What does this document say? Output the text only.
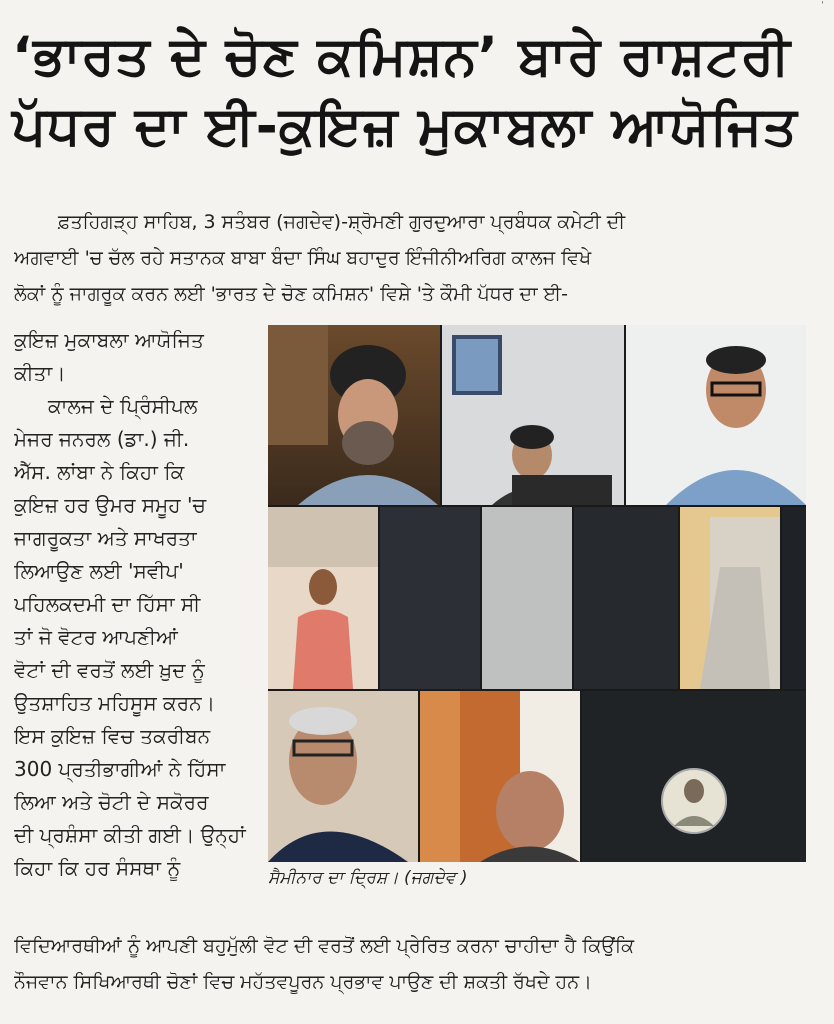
'
‘ਭਾਰਤ ਦੇ ਚੋਣ ਕਮਿਸ਼ਨ’ ਬਾਰੇ ਰਾਸ਼ਟਰੀ
ਪੱਧਰ ਦਾ ਈ-ਕੁਇਜ਼ ਮੁਕਾਬਲਾ ਆਯੋਜਿਤ
ਫ਼ਤਹਿਗੜ੍ਹ ਸਾਹਿਬ, 3 ਸਤੰਬਰ (ਜਗਦੇਵ)-ਸ਼੍ਰੋਮਣੀ ਗੁਰਦੁਆਰਾ ਪ੍ਰਬੰਧਕ ਕਮੇਟੀ ਦੀ
ਅਗਵਾਈ 'ਚ ਚੱਲ ਰਹੇ ਸਤਾਨਕ ਬਾਬਾ ਬੰਦਾ ਸਿੰਘ ਬਹਾਦੁਰ ਇੰਜੀਨੀਅਰਿਗ ਕਾਲਜ ਵਿਖੇ
ਲੋਕਾਂ ਨੂੰ ਜਾਗਰੂਕ ਕਰਨ ਲਈ 'ਭਾਰਤ ਦੇ ਚੋਣ ਕਮਿਸ਼ਨ' ਵਿਸ਼ੇ 'ਤੇ ਕੌਮੀ ਪੱਧਰ ਦਾ ਈ-
ਕੁਇਜ਼ ਮੁਕਾਬਲਾ ਆਯੋਜਿਤ
ਕੀਤਾ।
ਕਾਲਜ ਦੇ ਪ੍ਰਿੰਸੀਪਲ
ਮੇਜਰ ਜਨਰਲ (ਡਾ.) ਜੀ.
ਐੱਸ. ਲਾਂਬਾ ਨੇ ਕਿਹਾ ਕਿ
ਕੁਇਜ਼ ਹਰ ਉਮਰ ਸਮੂਹ 'ਚ
ਜਾਗਰੂਕਤਾ ਅਤੇ ਸਾਖਰਤਾ
ਲਿਆਉਣ ਲਈ 'ਸਵੀਪ'
ਪਹਿਲਕਦਮੀ ਦਾ ਹਿੱਸਾ ਸੀ
ਤਾਂ ਜੋ ਵੋਟਰ ਆਪਣੀਆਂ
ਵੋਟਾਂ ਦੀ ਵਰਤੋਂ ਲਈ ਖ਼ੁਦ ਨੂੰ
ਉਤਸ਼ਾਹਿਤ ਮਹਿਸੂਸ ਕਰਨ।
ਇਸ ਕੁਇਜ਼ ਵਿਚ ਤਕਰੀਬਨ
300 ਪ੍ਰਤੀਭਾਗੀਆਂ ਨੇ ਹਿੱਸਾ
ਲਿਆ ਅਤੇ ਚੋਟੀ ਦੇ ਸਕੋਰਰ
ਦੀ ਪ੍ਰਸ਼ੰਸਾ ਕੀਤੀ ਗਈ। ਉਨ੍ਹਾਂ
ਕਿਹਾ ਕਿ ਹਰ ਸੰਸਥਾ ਨੂੰ	ਸੈਮੀਨਾਰ ਦਾ ਦ੍ਰਿਸ਼। (ਜਗਦੇਵ )
ਵਿਦਿਆਰਥੀਆਂ ਨੂੰ ਆਪਣੀ ਬਹੁਮੁੱਲੀ ਵੋਟ ਦੀ ਵਰਤੋਂ ਲਈ ਪ੍ਰੇਰਿਤ ਕਰਨਾ ਚਾਹੀਦਾ ਹੈ ਕਿਉਂਕਿ
ਨੌਜਵਾਨ ਸਿਖਿਆਰਥੀ ਚੋਣਾਂ ਵਿਚ ਮਹੱਤਵਪੂਰਨ ਪ੍ਰਭਾਵ ਪਾਉਣ ਦੀ ਸ਼ਕਤੀ ਰੱਖਦੇ ਹਨ।
